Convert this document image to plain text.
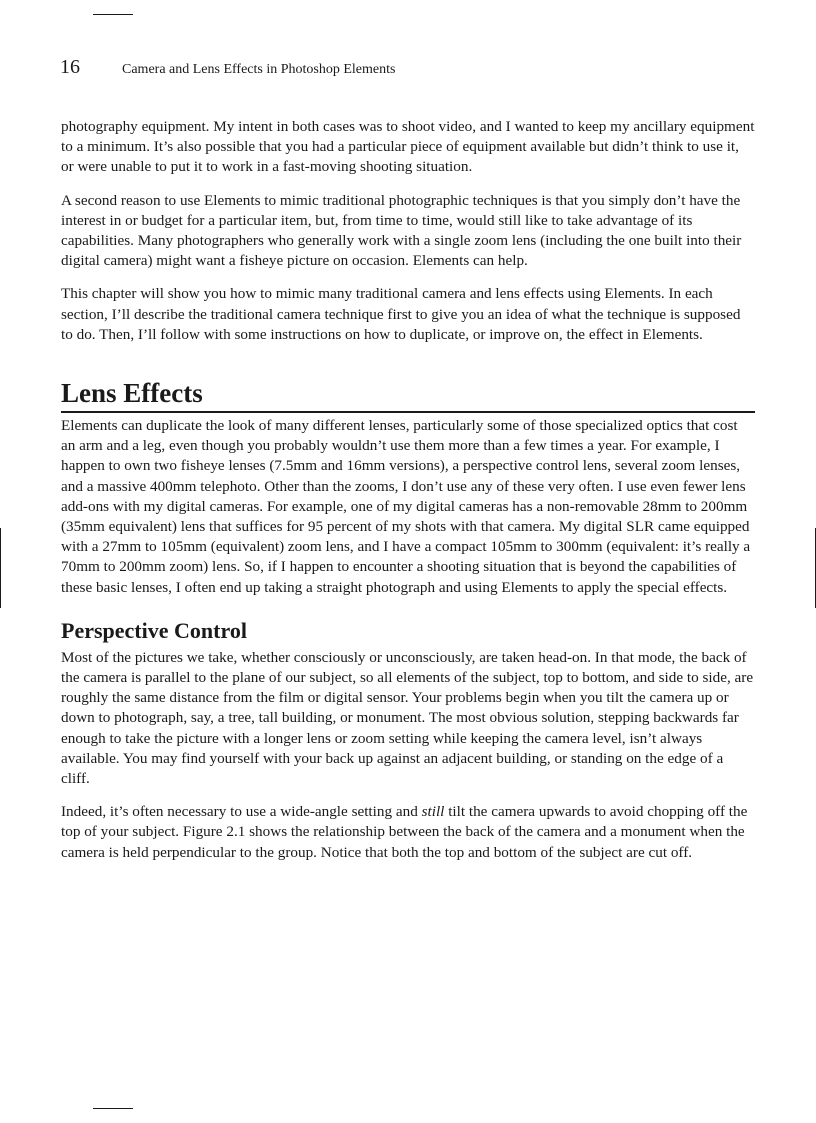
16	Camera and Lens Effects in Photoshop Elements

photography equipment. My intent in both cases was to shoot video, and I wanted to keep my ancillary equipment to a minimum. It’s also possible that you had a particular piece of equipment available but didn’t think to use it, or were unable to put it to work in a fast-moving shooting situation.

A second reason to use Elements to mimic traditional photographic techniques is that you simply don’t have the interest in or budget for a particular item, but, from time to time, would still like to take advantage of its capabilities. Many photographers who generally work with a single zoom lens (including the one built into their digital camera) might want a fisheye picture on occasion. Elements can help.

This chapter will show you how to mimic many traditional camera and lens effects using Elements. In each section, I’ll describe the traditional camera technique first to give you an idea of what the technique is supposed to do. Then, I’ll follow with some instructions on how to duplicate, or improve on, the effect in Elements.

Lens Effects

Elements can duplicate the look of many different lenses, particularly some of those specialized optics that cost an arm and a leg, even though you probably wouldn’t use them more than a few times a year. For example, I happen to own two fisheye lenses (7.5mm and 16mm versions), a perspective control lens, several zoom lenses, and a massive 400mm telephoto. Other than the zooms, I don’t use any of these very often. I use even fewer lens add-ons with my digital cameras. For example, one of my digital cameras has a non-removable 28mm to 200mm (35mm equivalent) lens that suffices for 95 percent of my shots with that camera. My digital SLR came equipped with a 27mm to 105mm (equivalent) zoom lens, and I have a compact 105mm to 300mm (equivalent: it’s really a 70mm to 200mm zoom) lens. So, if I happen to encounter a shooting situation that is beyond the capabilities of these basic lenses, I often end up taking a straight photograph and using Elements to apply the special effects.

Perspective Control

Most of the pictures we take, whether consciously or unconsciously, are taken head-on. In that mode, the back of the camera is parallel to the plane of our subject, so all elements of the subject, top to bottom, and side to side, are roughly the same distance from the film or digital sensor. Your problems begin when you tilt the camera up or down to photograph, say, a tree, tall building, or monument. The most obvious solution, stepping backwards far enough to take the picture with a longer lens or zoom setting while keeping the camera level, isn’t always available. You may find yourself with your back up against an adjacent building, or standing on the edge of a cliff.

Indeed, it’s often necessary to use a wide-angle setting and still tilt the camera upwards to avoid chopping off the top of your subject. Figure 2.1 shows the relationship between the back of the camera and a monument when the camera is held perpendicular to the group. Notice that both the top and bottom of the subject are cut off.
